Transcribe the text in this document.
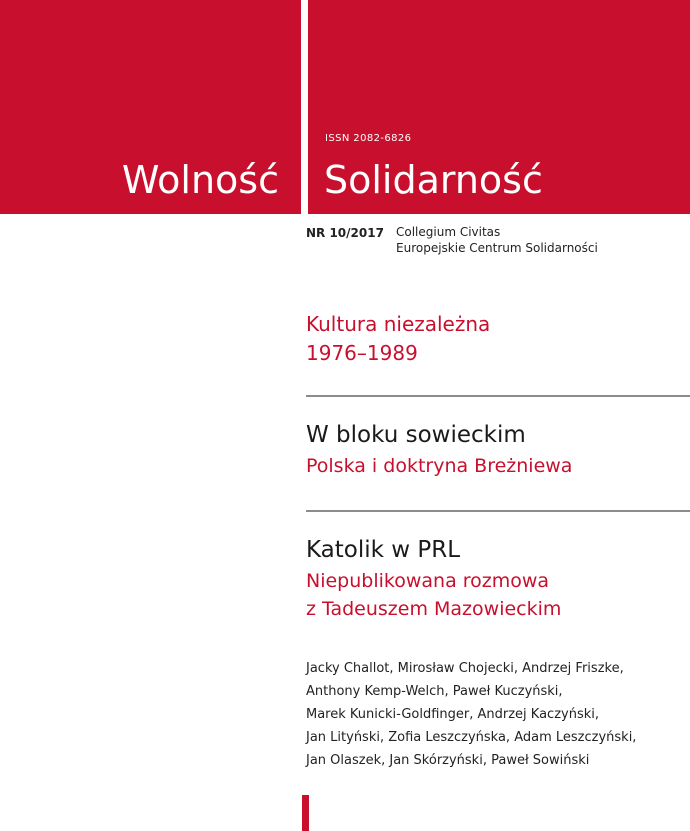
ISSN 2082-6826
Wolność Solidarność
NR 10/2017 Collegium Civitas
Europejskie Centrum Solidarności
Kultura niezależna
1976–1989
W bloku sowieckim
Polska i doktryna Breżniewa
Katolik w PRL
Niepublikowana rozmowa
z Tadeuszem Mazowieckim
Jacky Challot, Mirosław Chojecki, Andrzej Friszke,
Anthony Kemp-Welch, Paweł Kuczyński,
Marek Kunicki-Goldfinger, Andrzej Kaczyński,
Jan Lityński, Zofia Leszczyńska, Adam Leszczyński,
Jan Olaszek, Jan Skórzyński, Paweł Sowiński
